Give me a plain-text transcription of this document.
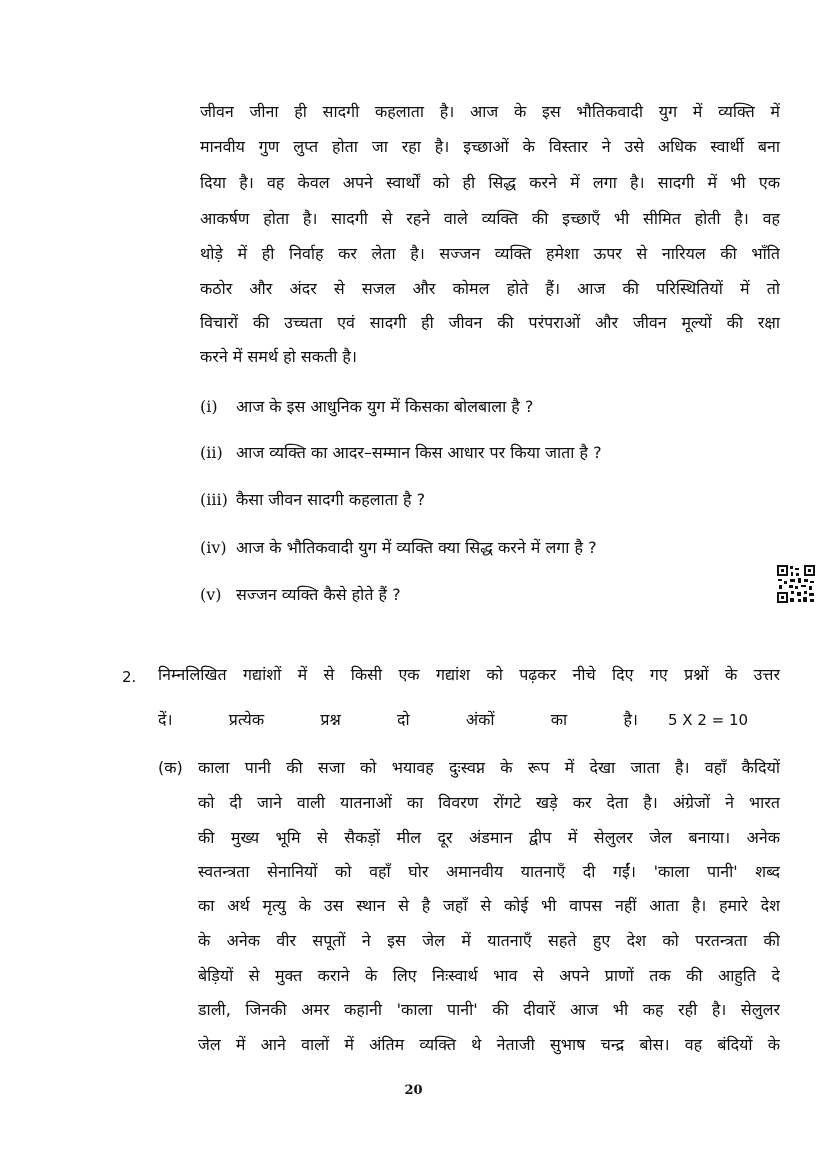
जीवन जीना ही सादगी कहलाता है। आज के इस भौतिकवादी युग में व्यक्ति में
मानवीय गुण लुप्त होता जा रहा है। इच्छाओं के विस्तार ने उसे अधिक स्वार्थी बना
दिया है। वह केवल अपने स्वार्थों को ही सिद्ध करने में लगा है। सादगी में भी एक
आकर्षण होता है। सादगी से रहने वाले व्यक्ति की इच्छाएँ भी सीमित होती है। वह
थोड़े में ही निर्वाह कर लेता है। सज्जन व्यक्ति हमेशा ऊपर से नारियल की भाँति
कठोर और अंदर से सजल और कोमल होते हैं। आज की परिस्थितियों में तो
विचारों की उच्चता एवं सादगी ही जीवन की परंपराओं और जीवन मूल्यों की रक्षा
करने में समर्थ हो सकती है।
(i) आज के इस आधुनिक युग में किसका बोलबाला है ?
(ii) आज व्यक्ति का आदर–सम्मान किस आधार पर किया जाता है ?
(iii) कैसा जीवन सादगी कहलाता है ?
(iv) आज के भौतिकवादी युग में व्यक्ति क्या सिद्ध करने में लगा है ?
(v) सज्जन व्यक्ति कैसे होते हैं ?
2. निम्नलिखित गद्यांशों में से किसी एक गद्यांश को पढ़कर नीचे दिए गए प्रश्नों के उत्तर
दें। प्रत्येक प्रश्न दो अंकों का है। 5 X 2 = 10
(क) काला पानी की सजा को भयावह दुःस्वप्न के रूप में देखा जाता है। वहाँ कैदियों
को दी जाने वाली यातनाओं का विवरण रोंगटे खड़े कर देता है। अंग्रेजों ने भारत
की मुख्य भूमि से सैकड़ों मील दूर अंडमान द्वीप में सेलुलर जेल बनाया। अनेक
स्वतन्त्रता सेनानियों को वहाँ घोर अमानवीय यातनाएँ दी गईं। 'काला पानी' शब्द
का अर्थ मृत्यु के उस स्थान से है जहाँ से कोई भी वापस नहीं आता है। हमारे देश
के अनेक वीर सपूतों ने इस जेल में यातनाएँ सहते हुए देश को परतन्त्रता की
बेड़ियों से मुक्त कराने के लिए निःस्वार्थ भाव से अपने प्राणों तक की आहुति दे
डाली, जिनकी अमर कहानी 'काला पानी' की दीवारें आज भी कह रही है। सेलुलर
जेल में आने वालों में अंतिम व्यक्ति थे नेताजी सुभाष चन्द्र बोस। वह बंदियों के
20
